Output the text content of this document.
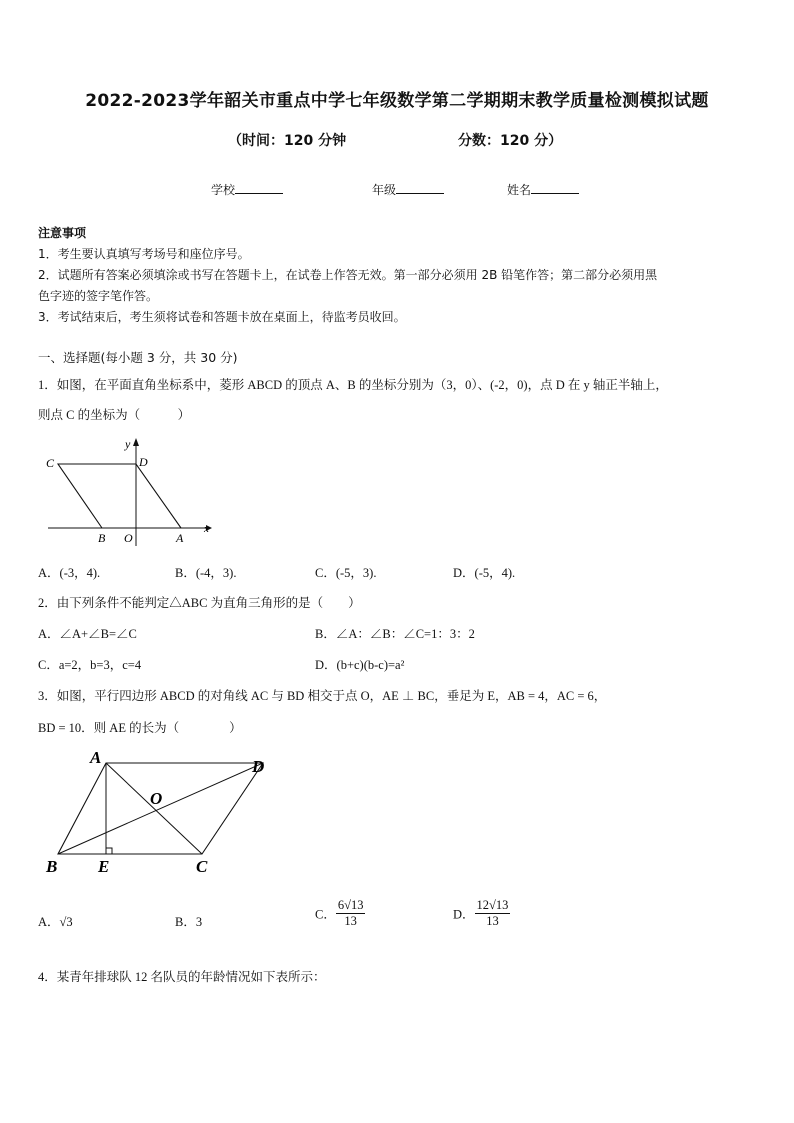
2022-2023学年韶关市重点中学七年级数学第二学期期末教学质量检测模拟试题
（时间：120 分钟	分数：120 分）
学校	年级	姓名
注意事项
1．考生要认真填写考场号和座位序号。
2．试题所有答案必须填涂或书写在答题卡上，在试卷上作答无效。第一部分必须用 2B 铅笔作答；第二部分必须用黑
色字迹的签字笔作答。
3．考试结束后，考生须将试卷和答题卡放在桌面上，待监考员收回。
一、选择题(每小题 3 分，共 30 分)
1．如图，在平面直角坐标系中，菱形 ABCD 的顶点 A、B 的坐标分别为（3，0）、(-2，0)，点 D 在 y 轴正半轴上，
则点 C 的坐标为（　　　）
C	D
y
B O	A
x
A．(-3，4).	B．(-4，3).	C．(-5，3).	D．(-5，4).
2．由下列条件不能判定△ABC 为直角三角形的是（　　）
A．∠A+∠B=∠C	B．∠A：∠B：∠C=1：3：2
C．a=2，b=3，c=4	D．(b+c)(b-c)=a²
3．如图，平行四边形 ABCD 的对角线 AC 与 BD 相交于点 O，AE ⊥ BC，垂足为 E，AB = 4，AC = 6，
BD = 10．则 AE 的长为（　　　　）
A	D
O
B E	C
A．√3	B．3
C． $\frac{6√13}{13}$	D． $\frac{12√13}{13}$
4．某青年排球队 12 名队员的年龄情况如下表所示：
